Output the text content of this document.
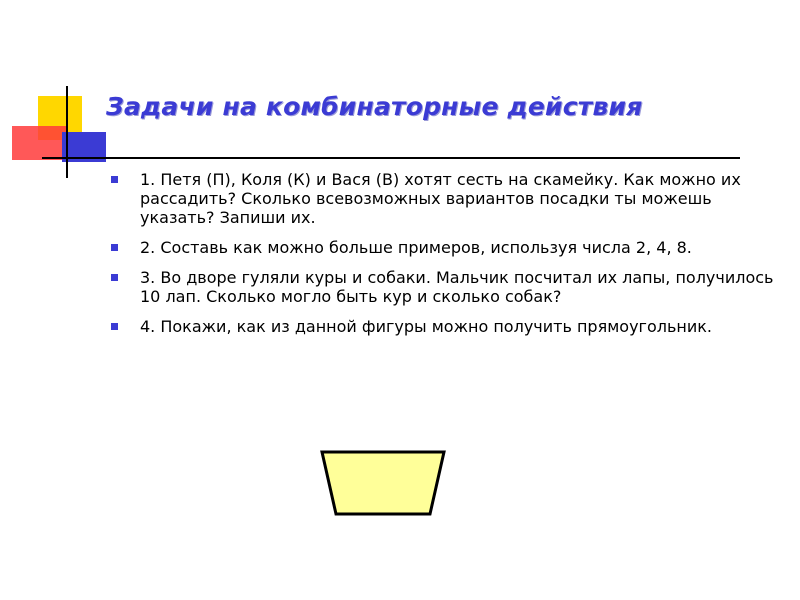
Задачи на комбинаторные действия
1. Петя (П), Коля (К) и Вася (В) хотят сесть на скамейку. Как можно их рассадить? Сколько всевозможных вариантов посадки ты можешь указать? Запиши их.
2. Составь как можно больше примеров, используя числа 2, 4, 8.
3. Во дворе гуляли куры и собаки. Мальчик посчитал их лапы, получилось 10 лап. Сколько могло быть кур и сколько собак?
4. Покажи, как из данной фигуры можно получить прямоугольник.
